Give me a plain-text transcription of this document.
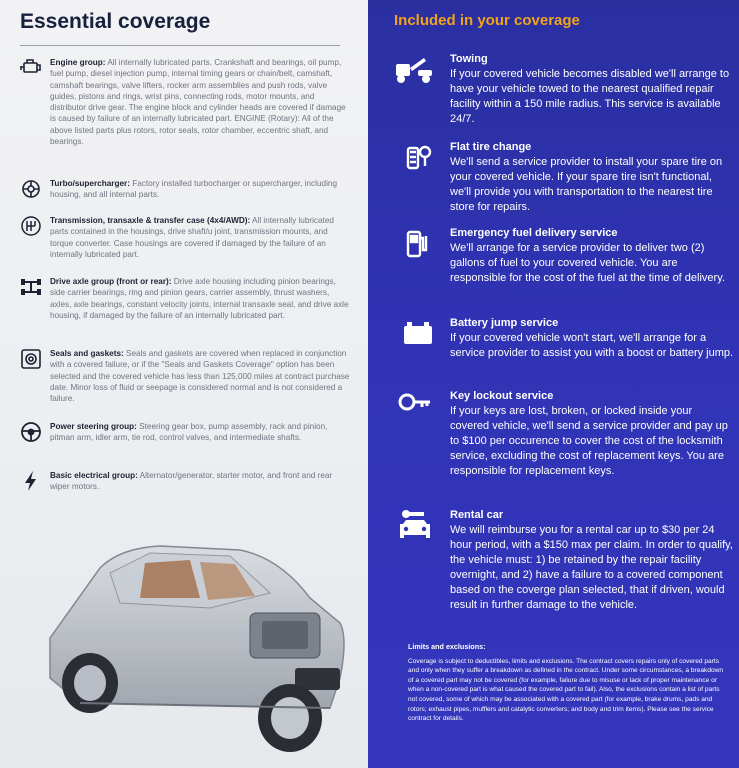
Essential coverage
Engine group: All internally lubricated parts. Crankshaft and bearings, oil pump, fuel pump, diesel injection pump, internal timing gears or chain/belt, camshaft, camshaft bearings, valve lifters, rocker arm assemblies and push rods, valve guides, pistons and rings, wrist pins, connecting rods, motor mounts, and distributor drive gear. The engine block and cylinder heads are covered if damage is caused by failure of an internally lubricated part. ENGINE (Rotary): All of the above listed parts plus rotors, rotor seals, rotor chamber, eccentric shaft, and bearings.
Turbo/supercharger: Factory installed turbocharger or supercharger, including housing, and all internal parts.
Transmission, transaxle & transfer case (4x4/AWD): All internally lubricated parts contained in the housings, drive shaft/u joint, transmission mounts, and torque converter. Case housings are covered if damaged by the failure of an internally lubricated part.
Drive axle group (front or rear): Drive axle housing including pinion bearings, side carrier bearings, ring and pinion gears, carrier assembly, thrust washers, axles, axle bearings, constant velocity joints, internal transaxle seal, and drive axle housing, if damaged by the failure of an internally lubricated part.
Seals and gaskets: Seals and gaskets are covered when replaced in conjunction with a covered failure, or if the "Seals and Gaskets Coverage" option has been selected and the covered vehicle has less than 125,000 miles at contract purchase date. Minor loss of fluid or seepage is considered normal and is not considered a failure.
Power steering group: Steering gear box, pump assembly, rack and pinion, pitman arm, idler arm, tie rod, control valves, and intermediate shafts.
Basic electrical group: Alternator/generator, starter motor, and front and rear wiper motors.
Included in your coverage
Towing
If your covered vehicle becomes disabled we'll arrange to have your vehicle towed to the nearest qualified repair facility within a 150 mile radius. This service is available 24/7.
Flat tire change
We'll send a service provider to install your spare tire on your covered vehicle. If your spare tire isn't functional, we'll provide you with transportation to the nearest tire store for repairs.
Emergency fuel delivery service
We'll arrange for a service provider to deliver two (2) gallons of fuel to your covered vehicle. You are responsible for the cost of the fuel at the time of delivery.
Battery jump service
If your covered vehicle won't start, we'll arrange for a service provider to assist you with a boost or battery jump.
Key lockout service
If your keys are lost, broken, or locked inside your covered vehicle, we'll send a service provider and pay up to $100 per occurence to cover the cost of the locksmith service, excluding the cost of replacement keys. You are responsible for replacement keys.
Rental car
We will reimburse you for a rental car up to $30 per 24 hour period, with a $150 max per claim. In order to qualify, the vehicle must: 1) be retained by the repair facility overnight, and 2) have a failure to a covered component based on the coverge plan selected, that if driven, would result in further damage to the vehicle.
Limits and exclusions:
Coverage is subject to deductibles, limits and exclusions. The contract covers repairs only of covered parts and only when they suffer a breakdown as defined in the contract. Under some circumstances, a breakdown of a covered part may not be covered (for example, failure due to misuse or lack of proper maintenance or when a non-covered part is what caused the covered part to fail). Also, the exclusions contain a list of parts not covered, some of which may be associated with a covered part (for example, brake drums, pads and rotors; exhaust pipes, mufflers and catalytic converters; and body and trim items). Please see the service contract for details.
